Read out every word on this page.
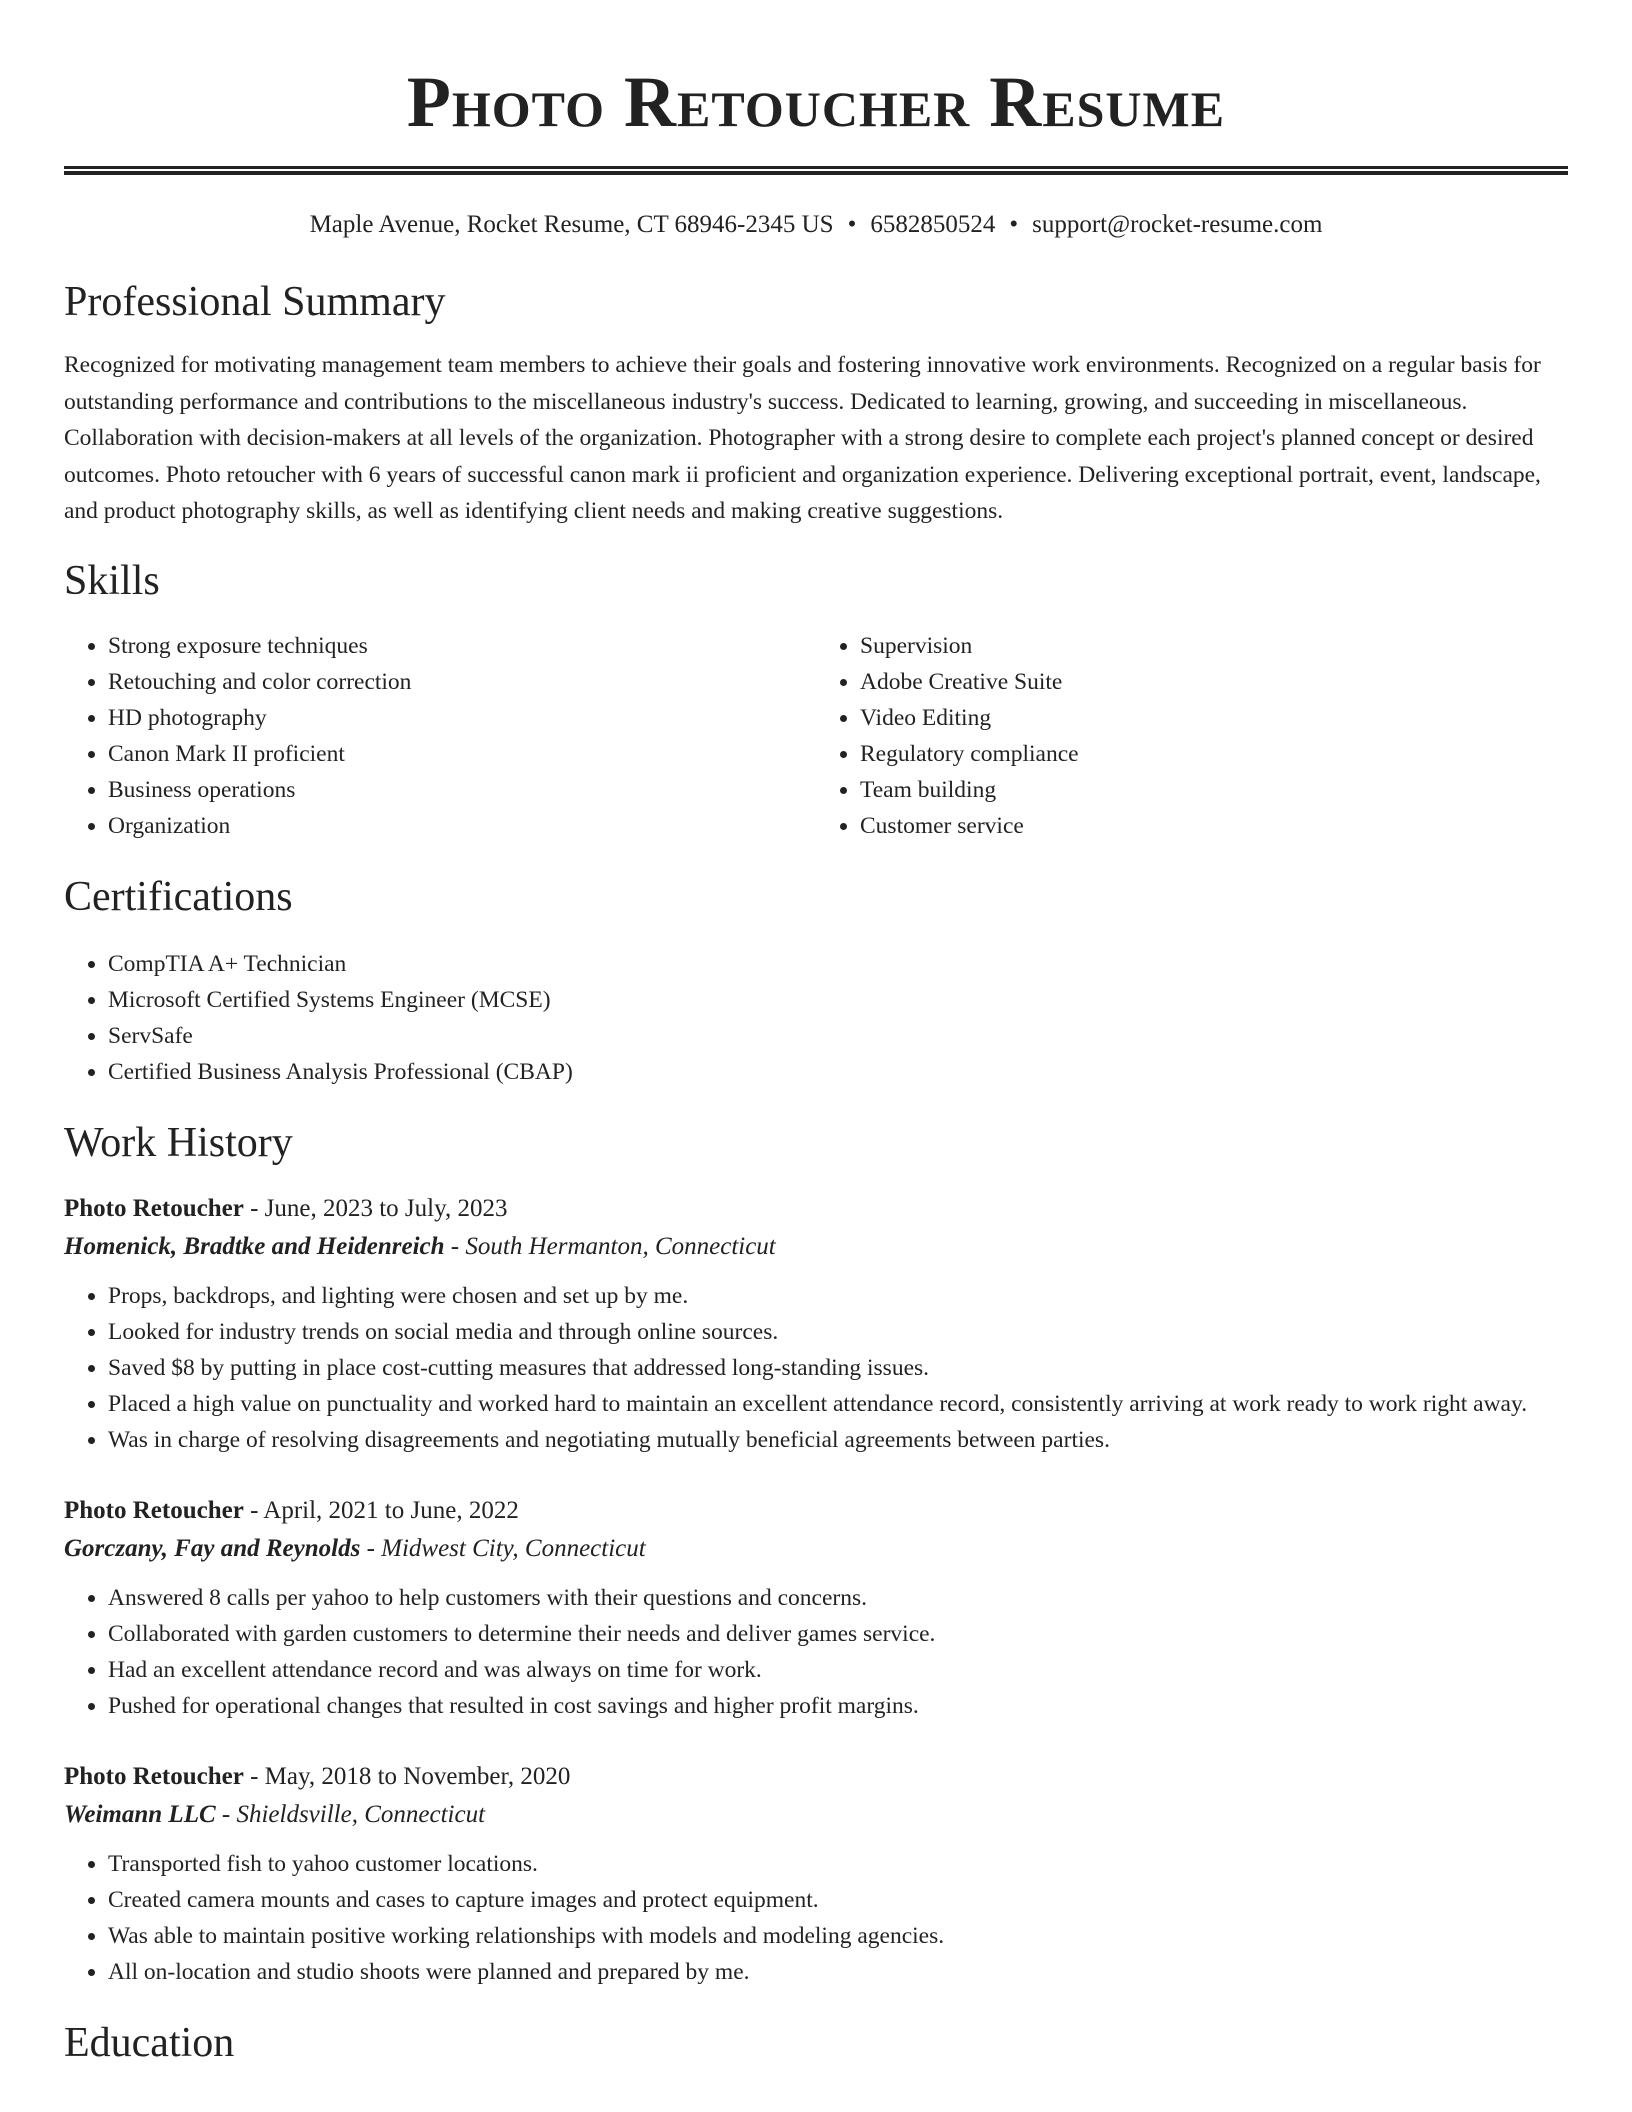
Photo Retoucher Resume
Maple Avenue, Rocket Resume, CT 68946-2345 US • 6582850524 • support@rocket-resume.com
Professional Summary
Recognized for motivating management team members to achieve their goals and fostering innovative work environments. Recognized on a regular basis for outstanding performance and contributions to the miscellaneous industry's success. Dedicated to learning, growing, and succeeding in miscellaneous. Collaboration with decision-makers at all levels of the organization. Photographer with a strong desire to complete each project's planned concept or desired outcomes. Photo retoucher with 6 years of successful canon mark ii proficient and organization experience. Delivering exceptional portrait, event, landscape, and product photography skills, as well as identifying client needs and making creative suggestions.
Skills
• Strong exposure techniques
• Retouching and color correction
• HD photography
• Canon Mark II proficient
• Business operations
• Organization
• Supervision
• Adobe Creative Suite
• Video Editing
• Regulatory compliance
• Team building
• Customer service
Certifications
• CompTIA A+ Technician
• Microsoft Certified Systems Engineer (MCSE)
• ServSafe
• Certified Business Analysis Professional (CBAP)
Work History
Photo Retoucher - June, 2023 to July, 2023
Homenick, Bradtke and Heidenreich - South Hermanton, Connecticut
• Props, backdrops, and lighting were chosen and set up by me.
• Looked for industry trends on social media and through online sources.
• Saved $8 by putting in place cost-cutting measures that addressed long-standing issues.
• Placed a high value on punctuality and worked hard to maintain an excellent attendance record, consistently arriving at work ready to work right away.
• Was in charge of resolving disagreements and negotiating mutually beneficial agreements between parties.
Photo Retoucher - April, 2021 to June, 2022
Gorczany, Fay and Reynolds - Midwest City, Connecticut
• Answered 8 calls per yahoo to help customers with their questions and concerns.
• Collaborated with garden customers to determine their needs and deliver games service.
• Had an excellent attendance record and was always on time for work.
• Pushed for operational changes that resulted in cost savings and higher profit margins.
Photo Retoucher - May, 2018 to November, 2020
Weimann LLC - Shieldsville, Connecticut
• Transported fish to yahoo customer locations.
• Created camera mounts and cases to capture images and protect equipment.
• Was able to maintain positive working relationships with models and modeling agencies.
• All on-location and studio shoots were planned and prepared by me.
Education
